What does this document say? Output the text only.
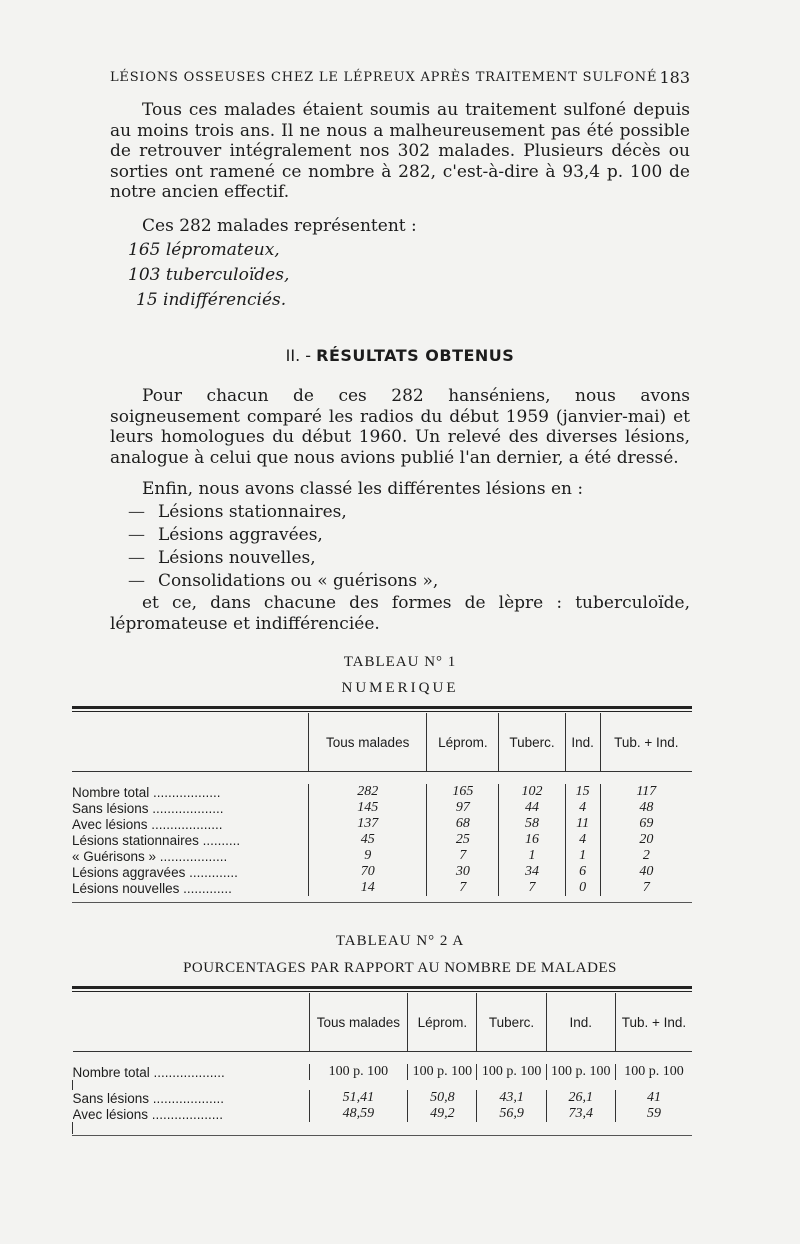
LÉSIONS OSSEUSES CHEZ LE LÉPREUX APRÈS TRAITEMENT SULFONÉ 183
Tous ces malades étaient soumis au traitement sulfoné depuis au moins trois ans. Il ne nous a malheureusement pas été possible de retrouver intégralement nos 302 malades. Plusieurs décès ou sorties ont ramené ce nombre à 282, c'est-à-dire à 93,4 p. 100 de notre ancien effectif.
Ces 282 malades représentent :
165 lépromateux,
103 tuberculoïdes,
15 indifférenciés.
II. - RÉSULTATS OBTENUS
Pour chacun de ces 282 hanséniens, nous avons soigneusement comparé les radios du début 1959 (janvier-mai) et leurs homologues du début 1960. Un relevé des diverses lésions, analogue à celui que nous avions publié l'an dernier, a été dressé.
Enfin, nous avons classé les différentes lésions en :
— Lésions stationnaires,
— Lésions aggravées,
— Lésions nouvelles,
— Consolidations ou « guérisons »,
et ce, dans chacune des formes de lèpre : tuberculoïde, lépromateuse et indifférenciée.
TABLEAU N° 1
NUMERIQUE
	Tous malades	Léprom.	Tuberc.	Ind.	Tub. + Ind.

Nombre total ..................	282	165	102	15	117
Sans lésions ...................	145	97	44	4	48
Avec lésions ...................	137	68	58	11	69
Lésions stationnaires ..........	45	25	16	4	20
« Guérisons » ..................	9	7	1	1	2
Lésions aggravées .............	70	30	34	6	40
Lésions nouvelles .............	14	7	7	0	7

TABLEAU N° 2 A
POURCENTAGES PAR RAPPORT AU NOMBRE DE MALADES
	Tous malades	Léprom.	Tuberc.	Ind.	Tub. + Ind.

Nombre total ...................	100 p. 100	100 p. 100	100 p. 100	100 p. 100	100 p. 100

Sans lésions ...................	51,41	50,8	43,1	26,1	41
Avec lésions ...................	48,59	49,2	56,9	73,4	59
